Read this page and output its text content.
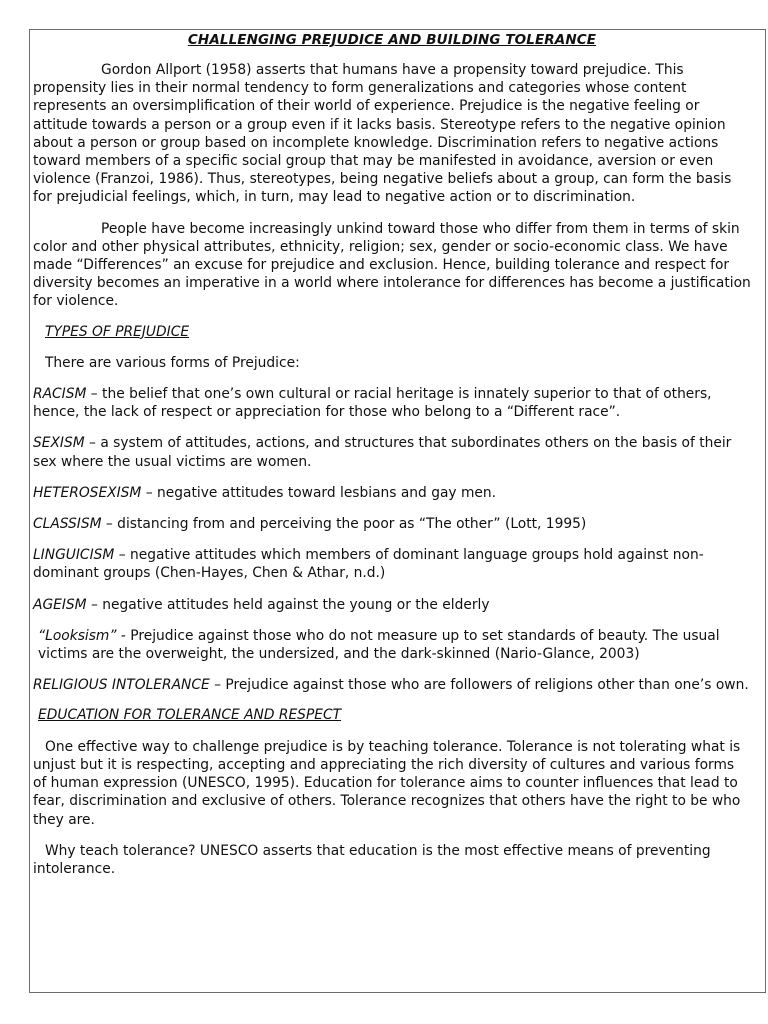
CHALLENGING PREJUDICE AND BUILDING TOLERANCE

Gordon Allport (1958) asserts that humans have a propensity toward prejudice. This propensity lies in their normal tendency to form generalizations and categories whose content represents an oversimplification of their world of experience. Prejudice is the negative feeling or attitude towards a person or a group even if it lacks basis. Stereotype refers to the negative opinion about a person or group based on incomplete knowledge. Discrimination refers to negative actions toward members of a specific social group that may be manifested in avoidance, aversion or even violence (Franzoi, 1986). Thus, stereotypes, being negative beliefs about a group, can form the basis for prejudicial feelings, which, in turn, may lead to negative action or to discrimination.

People have become increasingly unkind toward those who differ from them in terms of skin color and other physical attributes, ethnicity, religion; sex, gender or socio-economic class. We have made “Differences” an excuse for prejudice and exclusion. Hence, building tolerance and respect for diversity becomes an imperative in a world where intolerance for differences has become a justification for violence.

TYPES OF PREJUDICE

There are various forms of Prejudice:

RACISM – the belief that one’s own cultural or racial heritage is innately superior to that of others, hence, the lack of respect or appreciation for those who belong to a “Different race”.

SEXISM – a system of attitudes, actions, and structures that subordinates others on the basis of their sex where the usual victims are women.

HETEROSEXISM – negative attitudes toward lesbians and gay men.

CLASSISM – distancing from and perceiving the poor as “The other” (Lott, 1995)

LINGUICISM – negative attitudes which members of dominant language groups hold against non-dominant groups (Chen-Hayes, Chen & Athar, n.d.)

AGEISM – negative attitudes held against the young or the elderly

“Looksism” - Prejudice against those who do not measure up to set standards of beauty. The usual victims are the overweight, the undersized, and the dark-skinned (Nario-Glance, 2003)

RELIGIOUS INTOLERANCE – Prejudice against those who are followers of religions other than one’s own.

EDUCATION FOR TOLERANCE AND RESPECT

One effective way to challenge prejudice is by teaching tolerance. Tolerance is not tolerating what is unjust but it is respecting, accepting and appreciating the rich diversity of cultures and various forms of human expression (UNESCO, 1995). Education for tolerance aims to counter influences that lead to fear, discrimination and exclusive of others. Tolerance recognizes that others have the right to be who they are.

Why teach tolerance? UNESCO asserts that education is the most effective means of preventing intolerance.
